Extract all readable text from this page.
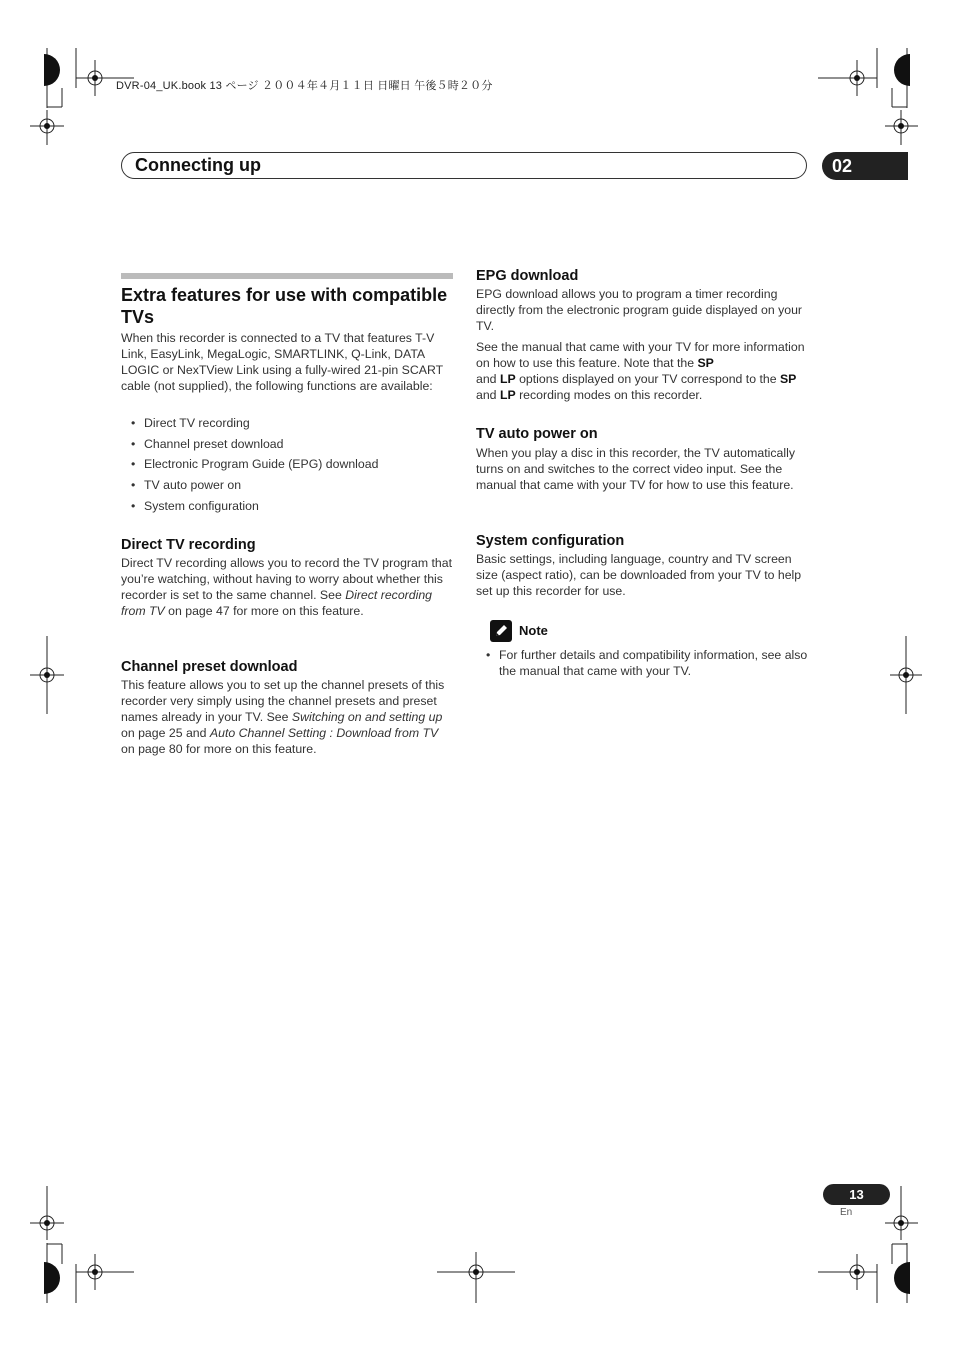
DVR-04_UK.book 13 ページ ２００４年４月１１日 日曜日 午後５時２０分
Connecting up	02
Extra features for use with compatible TVs
When this recorder is connected to a TV that features T-V Link, EasyLink, MegaLogic, SMARTLINK, Q-Link, DATA LOGIC or NexTView Link using a fully-wired 21-pin SCART cable (not supplied), the following functions are available:
• Direct TV recording
• Channel preset download
• Electronic Program Guide (EPG) download
• TV auto power on
• System configuration
Direct TV recording
Direct TV recording allows you to record the TV program that you’re watching, without having to worry about whether this recorder is set to the same channel. See Direct recording from TV on page 47 for more on this feature.
Channel preset download
This feature allows you to set up the channel presets of this recorder very simply using the channel presets and preset names already in your TV. See Switching on and setting up on page 25 and Auto Channel Setting : Download from TV on page 80 for more on this feature.
EPG download
EPG download allows you to program a timer recording directly from the electronic program guide displayed on your TV.
See the manual that came with your TV for more information on how to use this feature. Note that the SP
and LP options displayed on your TV correspond to the SP
and LP recording modes on this recorder.
TV auto power on
When you play a disc in this recorder, the TV automatically turns on and switches to the correct video input. See the manual that came with your TV for how to use this feature.
System configuration
Basic settings, including language, country and TV screen size (aspect ratio), can be downloaded from your TV to help set up this recorder for use.
Note
• For further details and compatibility information, see also the manual that came with your TV.
13
En
